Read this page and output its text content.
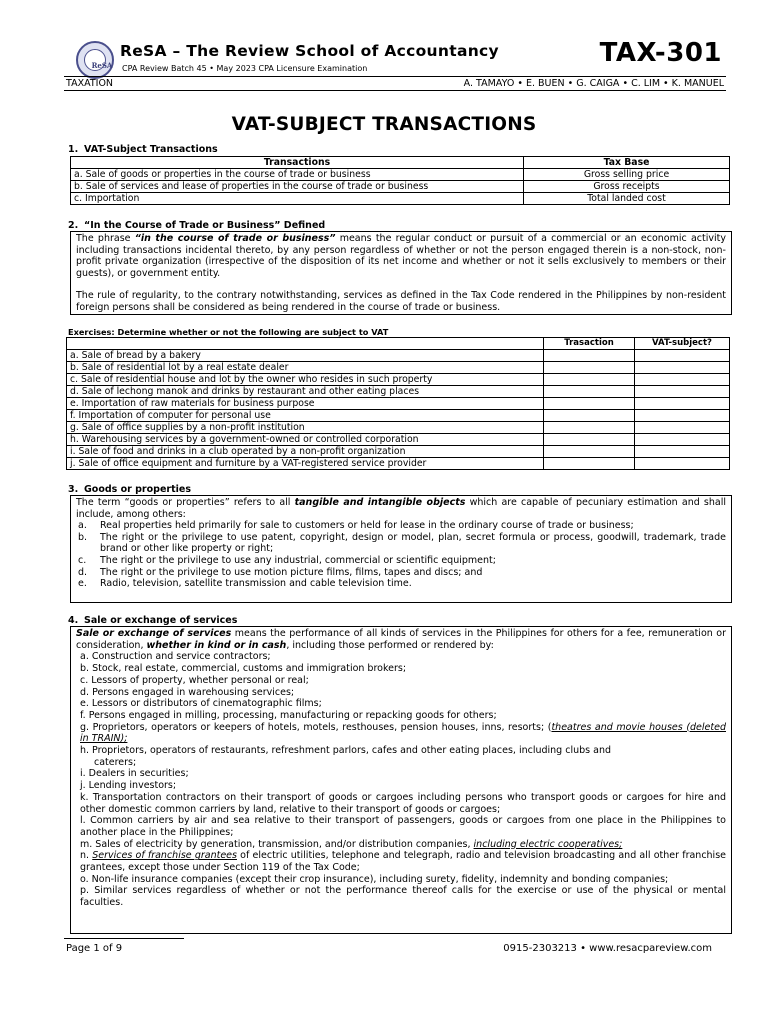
ReSA
ReSA – The Review School of Accountancy
CPA Review Batch 45 • May 2023 CPA Licensure Examination
TAX-301
TAXATION	A. TAMAYO • E. BUEN • G. CAIGA • C. LIM • K. MANUEL
VAT-SUBJECT TRANSACTIONS
1. VAT-Subject Transactions
Transactions	Tax Base
a. Sale of goods or properties in the course of trade or business	Gross selling price
b. Sale of services and lease of properties in the course of trade or business	Gross receipts
c. Importation	Total landed cost
2. “In the Course of Trade or Business” Defined

The phrase “in the course of trade or business” means the regular conduct or pursuit of a commercial or an economic activity including transactions incidental thereto, by any person regardless of whether or not the person engaged therein is a non-stock, non-profit private organization (irrespective of the disposition of its net income and whether or not it sells exclusively to members or their guests), or government entity.

The rule of regularity, to the contrary notwithstanding, services as defined in the Tax Code rendered in the Philippines by non-resident foreign persons shall be considered as being rendered in the course of trade or business.

Exercises: Determine whether or not the following are subject to VAT
	Trasaction	VAT-subject?
a. Sale of bread by a bakery		
b. Sale of residential lot by a real estate dealer		
c. Sale of residential house and lot by the owner who resides in such property		
d. Sale of lechong manok and drinks by restaurant and other eating places		
e. Importation of raw materials for business purpose		
f. Importation of computer for personal use		
g. Sale of office supplies by a non-profit institution		
h. Warehousing services by a government-owned or controlled corporation		
i. Sale of food and drinks in a club operated by a non-profit organization		
j. Sale of office equipment and furniture by a VAT-registered service provider		
3. Goods or properties

The term “goods or properties” refers to all tangible and intangible objects which are capable of pecuniary estimation and shall include, among others:

a.	Real properties held primarily for sale to customers or held for lease in the ordinary course of trade or business;
b.	The right or the privilege to use patent, copyright, design or model, plan, secret formula or process, goodwill, trademark, trade brand or other like property or right;
c.	The right or the privilege to use any industrial, commercial or scientific equipment;
d.	The right or the privilege to use motion picture films, films, tapes and discs; and
e.	Radio, television, satellite transmission and cable television time.
4. Sale or exchange of services

Sale or exchange of services means the performance of all kinds of services in the Philippines for others for a fee, remuneration or consideration, whether in kind or in cash, including those performed or rendered by:

a. Construction and service contractors;
b. Stock, real estate, commercial, customs and immigration brokers;
c. Lessors of property, whether personal or real;
d. Persons engaged in warehousing services;
e. Lessors or distributors of cinematographic films;
f. Persons engaged in milling, processing, manufacturing or repacking goods for others;
g. Proprietors, operators or keepers of hotels, motels, resthouses, pension houses, inns, resorts; (theatres and movie houses (deleted in TRAIN);
h. Proprietors, operators of restaurants, refreshment parlors, cafes and other eating places, including clubs and
caterers;
i. Dealers in securities;
j. Lending investors;
k. Transportation contractors on their transport of goods or cargoes including persons who transport goods or cargoes for hire and other domestic common carriers by land, relative to their transport of goods or cargoes;
l. Common carriers by air and sea relative to their transport of passengers, goods or cargoes from one place in the Philippines to another place in the Philippines;
m. Sales of electricity by generation, transmission, and/or distribution companies, including electric cooperatives;
n. Services of franchise grantees of electric utilities, telephone and telegraph, radio and television broadcasting and all other franchise grantees, except those under Section 119 of the Tax Code;
o. Non-life insurance companies (except their crop insurance), including surety, fidelity, indemnity and bonding companies;
p. Similar services regardless of whether or not the performance thereof calls for the exercise or use of the physical or mental faculties.
Page 1 of 9	0915-2303213 • www.resacpareview.com
